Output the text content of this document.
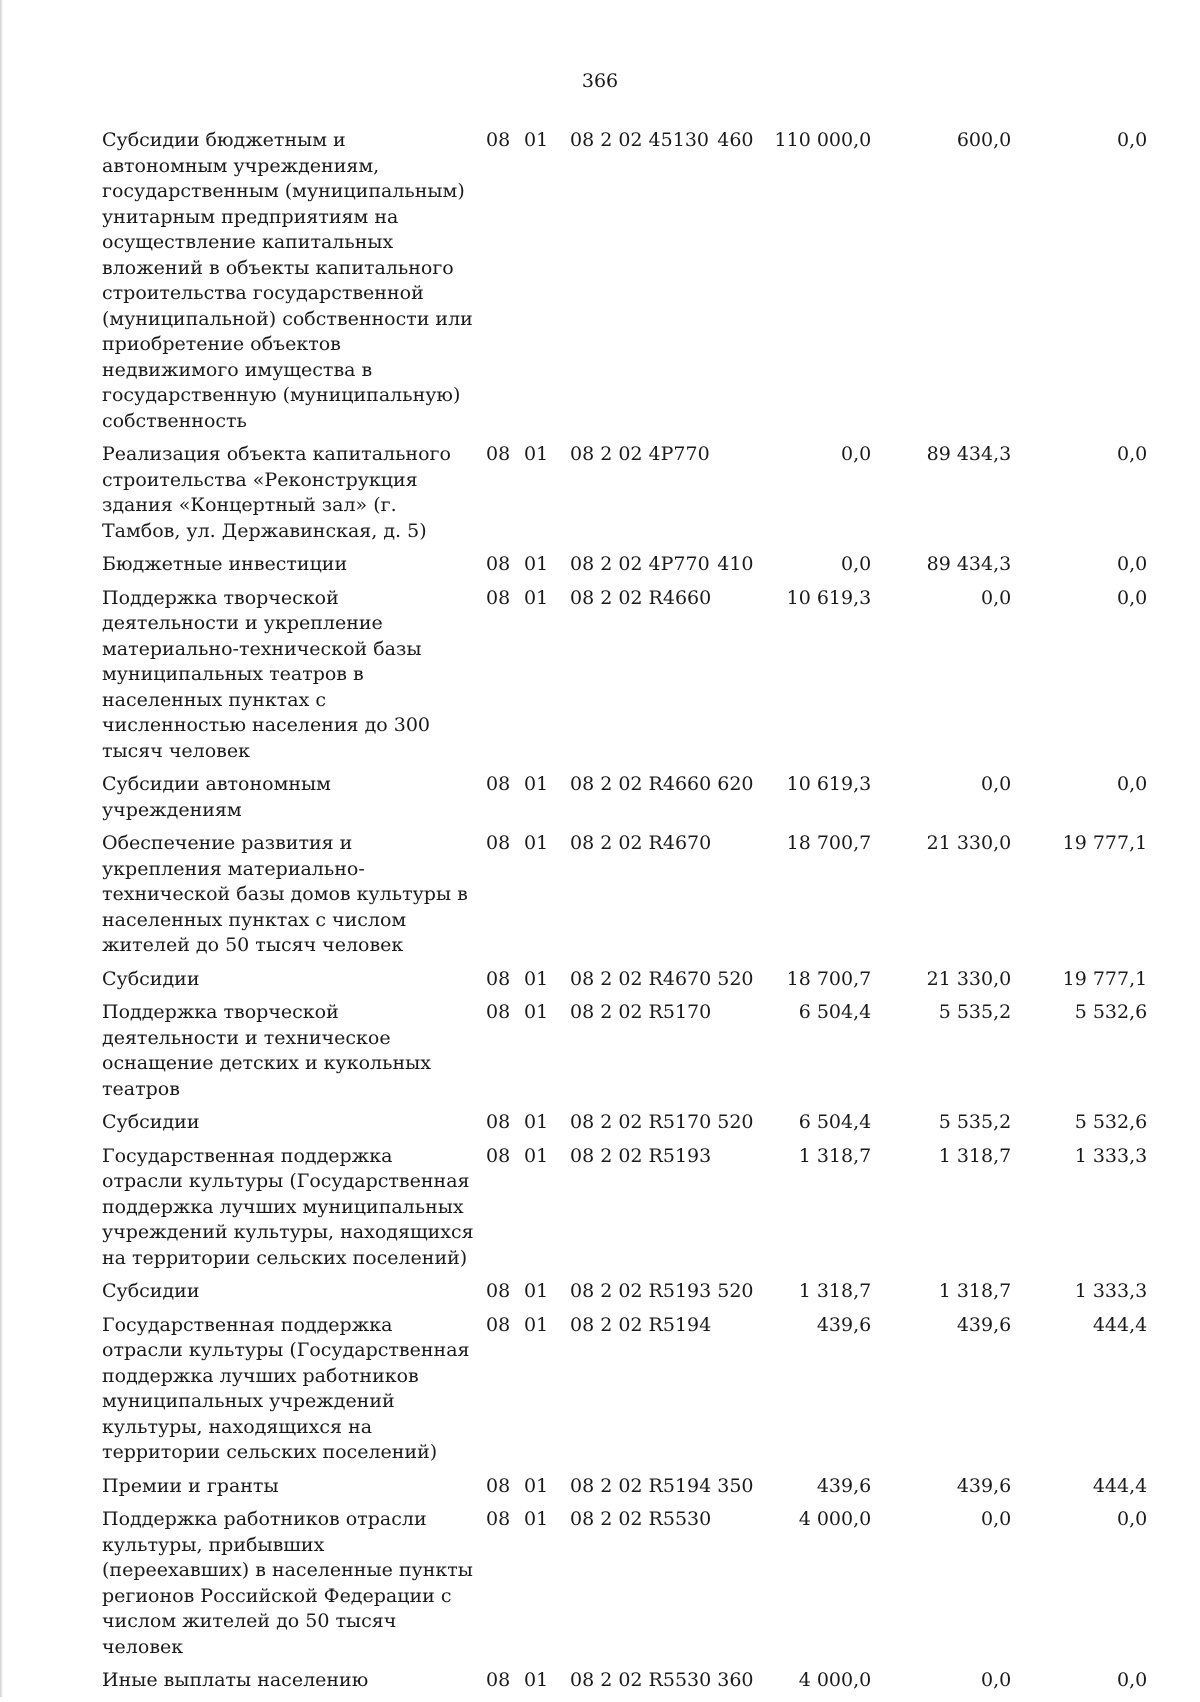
366
Субсидии бюджетным и автономным учреждениям, государственным (муниципальным) унитарным предприятиям на осуществление капитальных вложений в объекты капитального строительства государственной (муниципальной) собственности или приобретение объектов недвижимого имущества в государственную (муниципальную) собственность	08	01	08 2 02 45130	460	110 000,0	600,0	0,0
Реализация объекта капитального строительства «Реконструкция здания «Концертный зал» (г. Тамбов, ул. Державинская, д. 5)	08	01	08 2 02 4Р770		0,0	89 434,3	0,0
Бюджетные инвестиции	08	01	08 2 02 4Р770	410	0,0	89 434,3	0,0
Поддержка творческой деятельности и укрепление материально-технической базы муниципальных театров в населенных пунктах с численностью населения до 300 тысяч человек	08	01	08 2 02 R4660		10 619,3	0,0	0,0
Субсидии автономным учреждениям	08	01	08 2 02 R4660	620	10 619,3	0,0	0,0
Обеспечение развития и укрепления материально-технической базы домов культуры в населенных пунктах с числом жителей до 50 тысяч человек	08	01	08 2 02 R4670		18 700,7	21 330,0	19 777,1
Субсидии	08	01	08 2 02 R4670	520	18 700,7	21 330,0	19 777,1
Поддержка творческой деятельности и техническое оснащение детских и кукольных театров	08	01	08 2 02 R5170		6 504,4	5 535,2	5 532,6
Субсидии	08	01	08 2 02 R5170	520	6 504,4	5 535,2	5 532,6
Государственная поддержка отрасли культуры (Государственная поддержка лучших муниципальных учреждений культуры, находящихся на территории сельских поселений)	08	01	08 2 02 R5193		1 318,7	1 318,7	1 333,3
Субсидии	08	01	08 2 02 R5193	520	1 318,7	1 318,7	1 333,3
Государственная поддержка отрасли культуры (Государственная поддержка лучших работников муниципальных учреждений культуры, находящихся на территории сельских поселений)	08	01	08 2 02 R5194		439,6	439,6	444,4
Премии и гранты	08	01	08 2 02 R5194	350	439,6	439,6	444,4
Поддержка работников отрасли культуры, прибывших (переехавших) в населенные пункты регионов Российской Федерации с числом жителей до 50 тысяч человек	08	01	08 2 02 R5530		4 000,0	0,0	0,0
Иные выплаты населению	08	01	08 2 02 R5530	360	4 000,0	0,0	0,0
